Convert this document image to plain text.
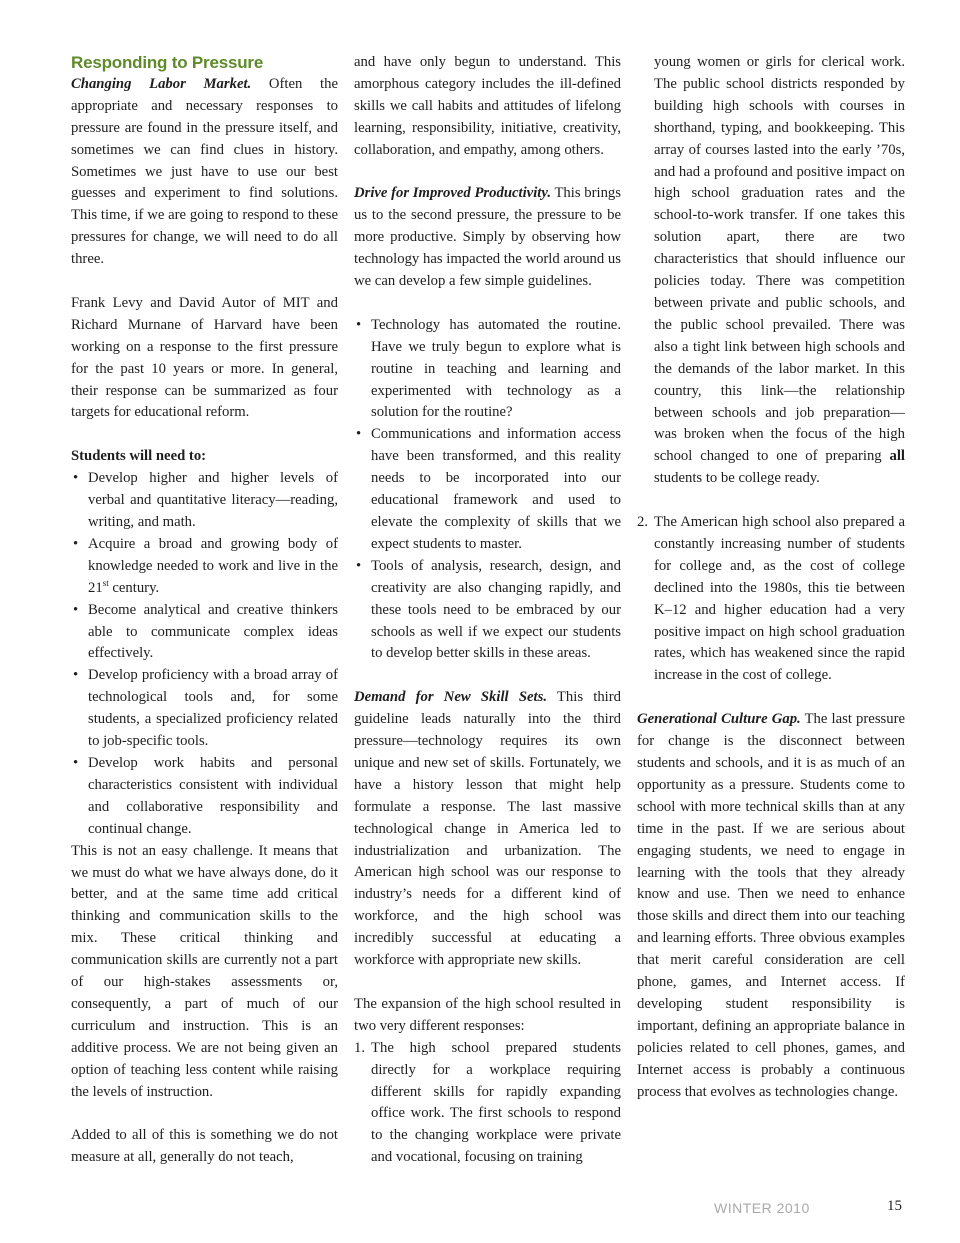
Responding to Pressure

Changing Labor Market. Often the appropriate and necessary responses to pressure are found in the pressure itself, and sometimes we can find clues in history. Sometimes we just have to use our best guesses and experiment to find solutions. This time, if we are going to respond to these pressures for change, we will need to do all three.

Frank Levy and David Autor of MIT and Richard Murnane of Harvard have been working on a response to the first pressure for the past 10 years or more. In general, their response can be summarized as four targets for educational reform.

Students will need to:

• Develop higher and higher levels of verbal and quantitative literacy—reading, writing, and math.
• Acquire a broad and growing body of knowledge needed to work and live in the 21st century.
• Become analytical and creative thinkers able to communicate complex ideas effectively.
• Develop proficiency with a broad array of technological tools and, for some students, a specialized proficiency related to job-specific tools.
• Develop work habits and personal characteristics consistent with individual and collaborative responsibility and continual change.

This is not an easy challenge. It means that we must do what we have always done, do it better, and at the same time add critical thinking and communication skills to the mix. These critical thinking and communication skills are currently not a part of our high-stakes assessments or, consequently, a part of much of our curriculum and instruction. This is an additive process. We are not being given an option of teaching less content while raising the levels of instruction.

Added to all of this is something we do not measure at all, generally do not teach,

and have only begun to understand. This amorphous category includes the ill-defined skills we call habits and attitudes of lifelong learning, responsibility, initiative, creativity, collaboration, and empathy, among others.

Drive for Improved Productivity. This brings us to the second pressure, the pressure to be more productive. Simply by observing how technology has impacted the world around us we can develop a few simple guidelines.

• Technology has automated the routine. Have we truly begun to explore what is routine in teaching and learning and experimented with technology as a solution for the routine?
• Communications and information access have been transformed, and this reality needs to be incorporated into our educational framework and used to elevate the complexity of skills that we expect students to master.
• Tools of analysis, research, design, and creativity are also changing rapidly, and these tools need to be embraced by our schools as well if we expect our students to develop better skills in these areas.

Demand for New Skill Sets. This third guideline leads naturally into the third pressure—technology requires its own unique and new set of skills. Fortunately, we have a history lesson that might help formulate a response. The last massive technological change in America led to industrialization and urbanization. The American high school was our response to industry’s needs for a different kind of workforce, and the high school was incredibly successful at educating a workforce with appropriate new skills.

The expansion of the high school resulted in two very different responses:

1. The high school prepared students directly for a workplace requiring different skills for rapidly expanding office work. The first schools to respond to the changing workplace were private and vocational, focusing on training

young women or girls for clerical work. The public school districts responded by building high schools with courses in shorthand, typing, and bookkeeping. This array of courses lasted into the early ’70s, and had a profound and positive impact on high school graduation rates and the school-to-work transfer. If one takes this solution apart, there are two characteristics that should influence our policies today. There was competition between private and public schools, and the public school prevailed. There was also a tight link between high schools and the demands of the labor market. In this country, this link—the relationship between schools and job preparation—was broken when the focus of the high school changed to one of preparing all students to be college ready.

2. The American high school also prepared a constantly increasing number of students for college and, as the cost of college declined into the 1980s, this tie between K–12 and higher education had a very positive impact on high school graduation rates, which has weakened since the rapid increase in the cost of college.

Generational Culture Gap. The last pressure for change is the disconnect between students and schools, and it is as much of an opportunity as a pressure. Students come to school with more technical skills than at any time in the past. If we are serious about engaging students, we need to engage in learning with the tools that they already know and use. Then we need to enhance those skills and direct them into our teaching and learning efforts. Three obvious examples that merit careful consideration are cell phone, games, and Internet access. If developing student responsibility is important, defining an appropriate balance in policies related to cell phones, games, and Internet access is probably a continuous process that evolves as technologies change.

WINTER 2010	15
